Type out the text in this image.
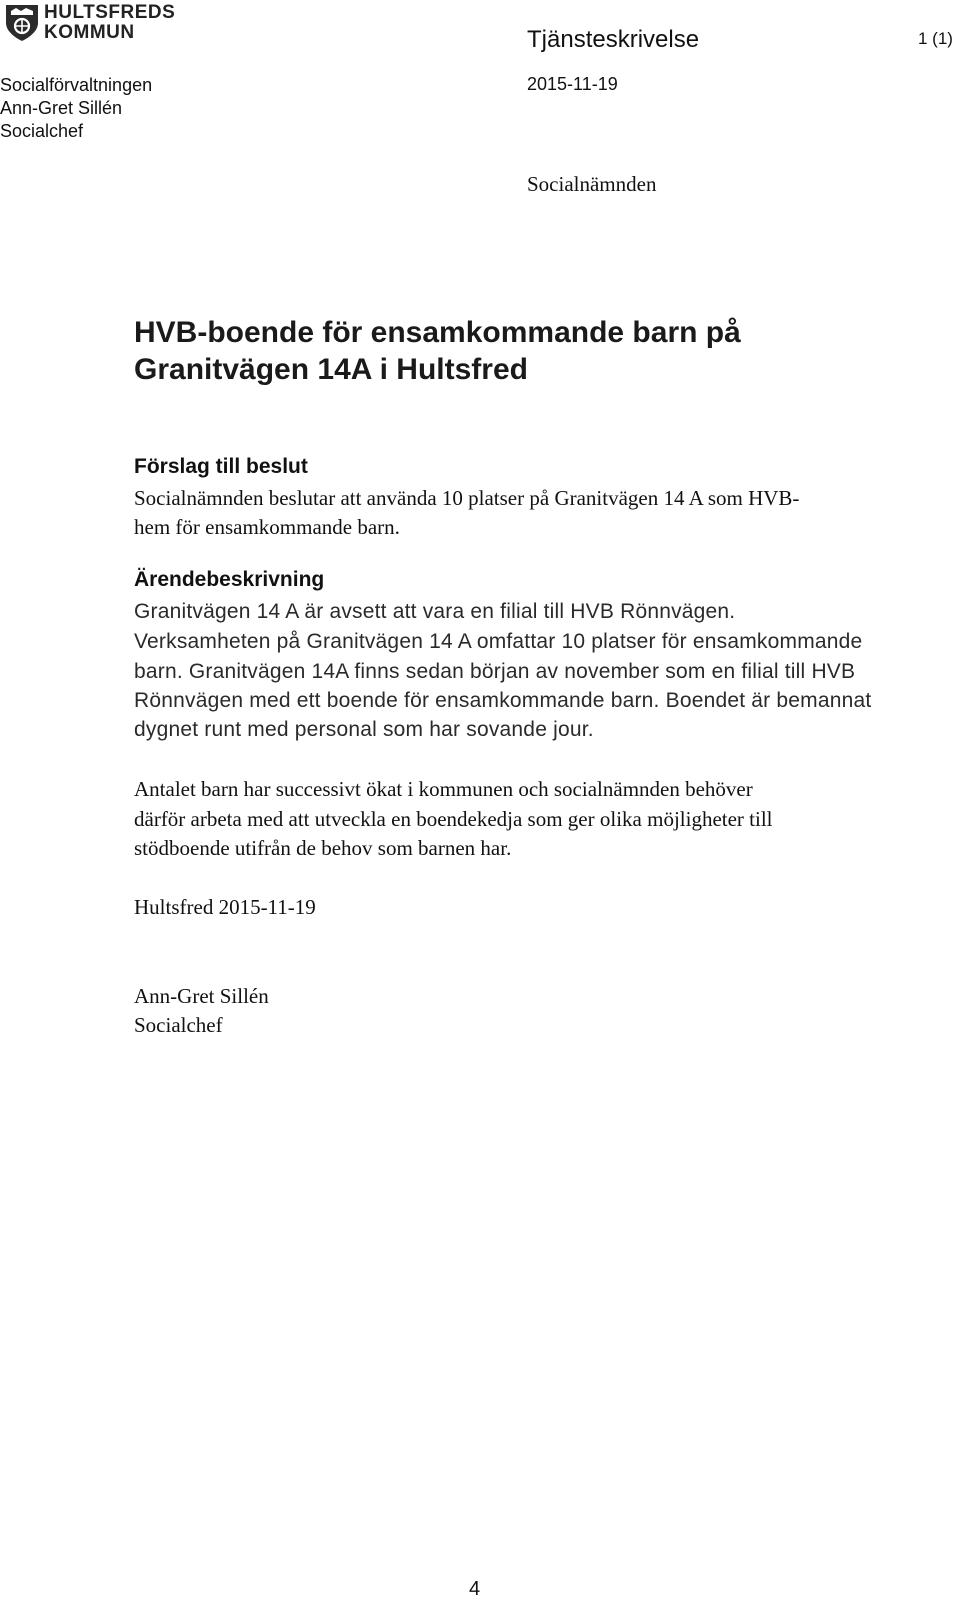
HULTSFREDS
KOMMUN	Tjänsteskrivelse	1 (1)
Socialförvaltningen
Ann-Gret Sillén
Socialchef
2015-11-19
Socialnämnden
HVB-boende för ensamkommande barn på
Granitvägen 14A i Hultsfred
Förslag till beslut
Socialnämnden beslutar att använda 10 platser på Granitvägen 14 A som HVB-
hem för ensamkommande barn.
Ärendebeskrivning
Granitvägen 14 A är avsett att vara en filial till HVB Rönnvägen.
Verksamheten på Granitvägen 14 A omfattar 10 platser för ensamkommande
barn. Granitvägen 14A finns sedan början av november som en filial till HVB
Rönnvägen med ett boende för ensamkommande barn. Boendet är bemannat
dygnet runt med personal som har sovande jour.
Antalet barn har successivt ökat i kommunen och socialnämnden behöver
därför arbeta med att utveckla en boendekedja som ger olika möjligheter till
stödboende utifrån de behov som barnen har.
Hultsfred 2015-11-19
Ann-Gret Sillén
Socialchef
4
